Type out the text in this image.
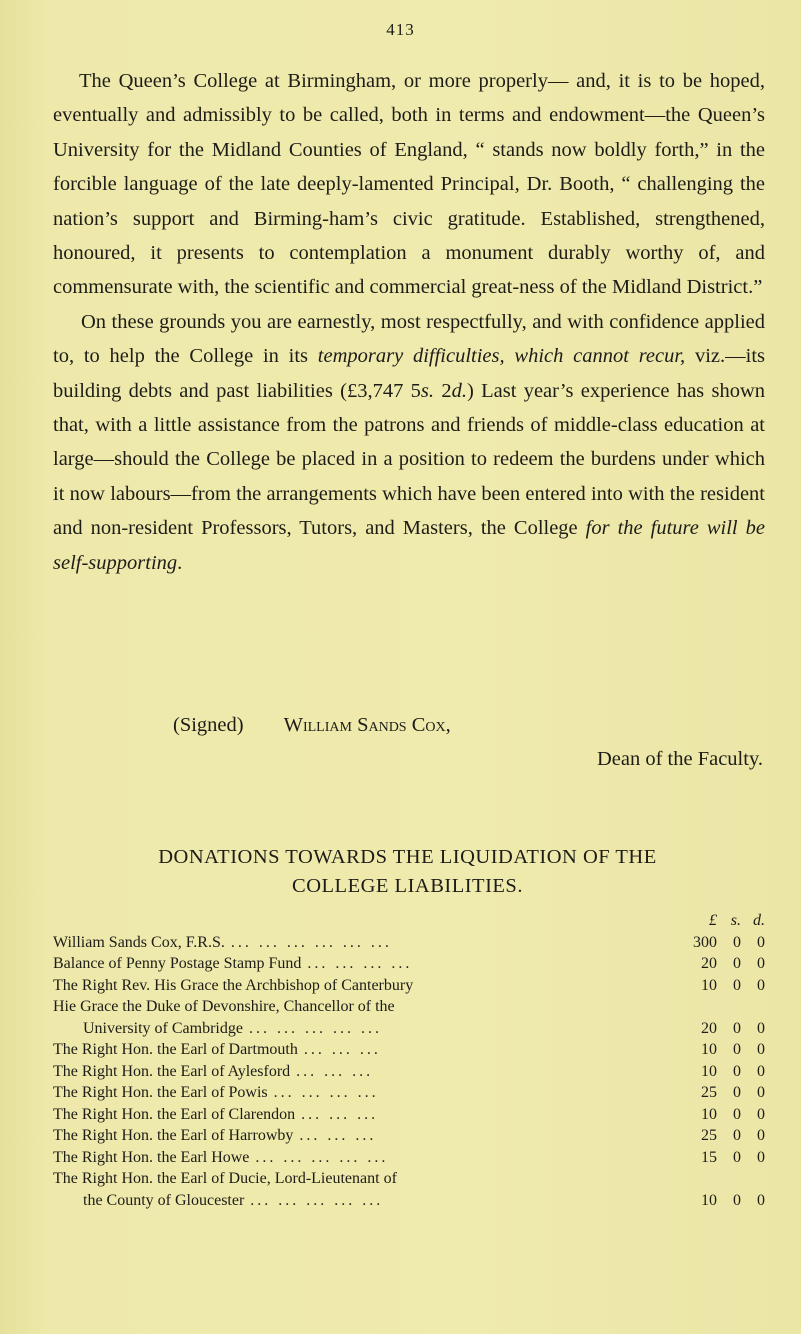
413

The Queen’s College at Birmingham, or more properly— and, it is to be hoped, eventually and admissibly to be called, both in terms and endowment—the Queen’s University for the Midland Counties of England, “ stands now boldly forth,” in the forcible language of the late deeply-lamented Principal, Dr. Booth, “ challenging the nation’s support and Birming-ham’s civic gratitude. Established, strengthened, honoured, it presents to contemplation a monument durably worthy of, and commensurate with, the scientific and commercial great-ness of the Midland District.”

On these grounds you are earnestly, most respectfully, and with confidence applied to, to help the College in its temporary difficulties, which cannot recur, viz.—its building debts and past liabilities (£3,747 5s. 2d.) Last year’s experience has shown that, with a little assistance from the patrons and friends of middle-class education at large—should the College be placed in a position to redeem the burdens under which it now labours—from the arrangements which have been entered into with the resident and non-resident Professors, Tutors, and Masters, the College for the future will be self-supporting.

(Signed) William Sands Cox,
Dean of the Faculty.
DONATIONS TOWARDS THE LIQUIDATION OF THE
COLLEGE LIABILITIES.
£ s. d.
William Sands Cox, F.R.S. ... ... ... ... ... ...	300	0	0
Balance of Penny Postage Stamp Fund ... ... ... ...	20	0	0
The Right Rev. His Grace the Archbishop of Canterbury	10	0	0
Hie Grace the Duke of Devonshire, Chancellor of the
University of Cambridge ... ... ... ... ...	20	0	0
The Right Hon. the Earl of Dartmouth ... ... ...	10	0	0
The Right Hon. the Earl of Aylesford ... ... ...	10	0	0
The Right Hon. the Earl of Powis ... ... ... ...	25	0	0
The Right Hon. the Earl of Clarendon ... ... ...	10	0	0
The Right Hon. the Earl of Harrowby ... ... ...	25	0	0
The Right Hon. the Earl Howe ... ... ... ... ...	15	0	0
The Right Hon. the Earl of Ducie, Lord-Lieutenant of
the County of Gloucester ... ... ... ... ...	10	0	0
